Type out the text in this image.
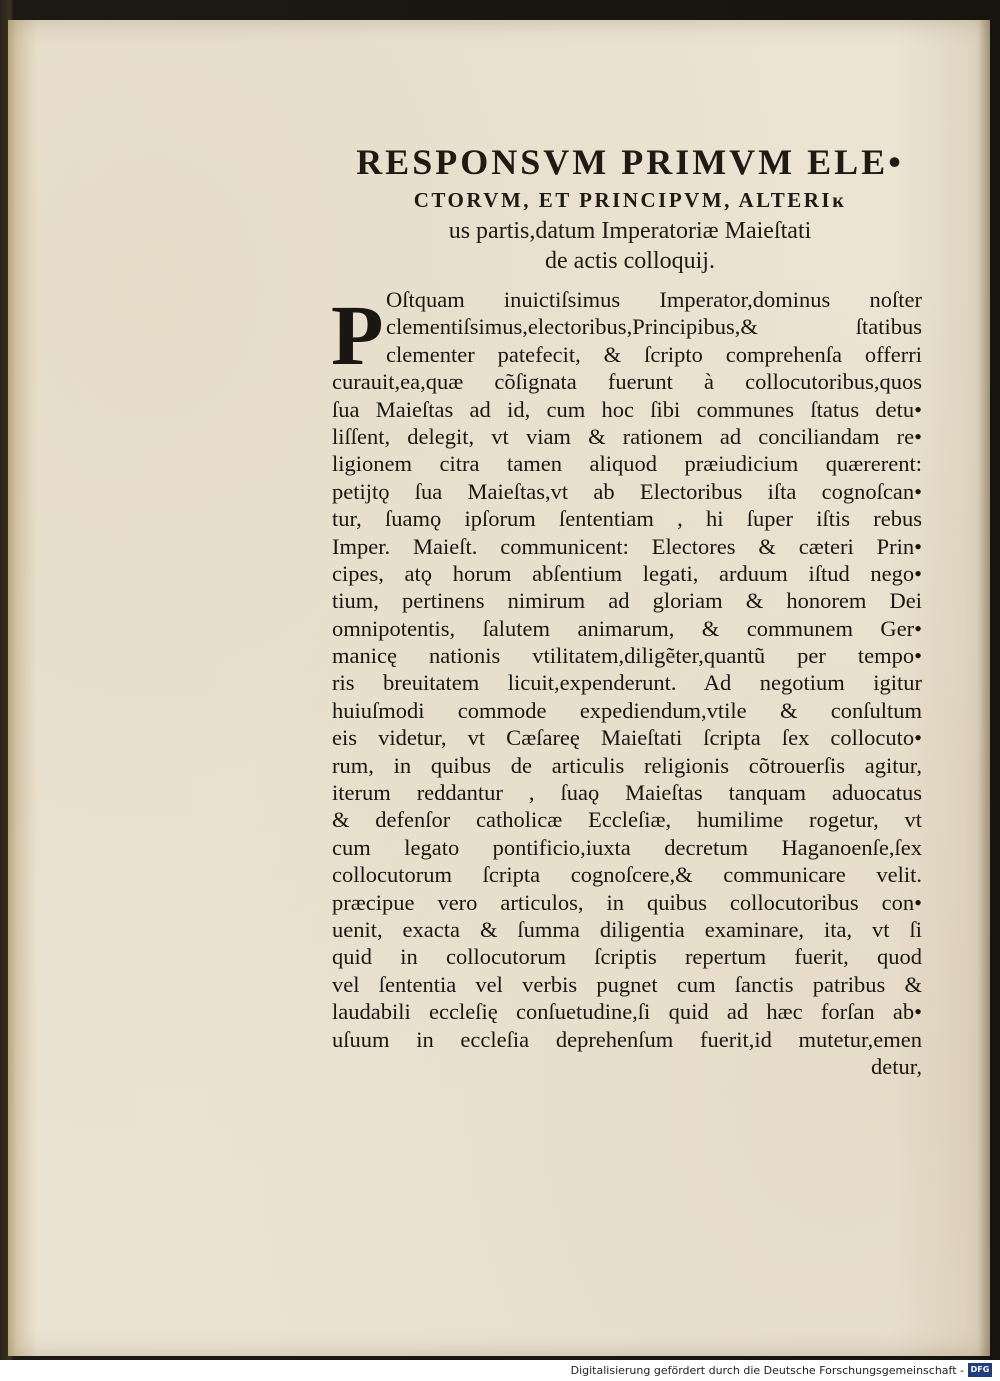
RESPONSVM PRIMVM ELE•
CTORVM, ET PRINCIPVM, ALTERIĸ
us partis,datum Imperatoriæ Maieſtati
de actis colloquij.
P Oſtquam inuictiſsimus Imperator,dominus noſter
clementiſsimus,electoribus,Principibus,& ſtatibus
clementer patefecit, & ſcripto comprehenſa offerri
curauit,ea,quæ cõſignata fuerunt à collocutoribus,quos
ſua Maieſtas ad id, cum hoc ſibi communes ſtatus detu•
liſſent, delegit, vt viam & rationem ad conciliandam re•
ligionem citra tamen aliquod præiudicium quærerent:
petijtǫ ſua Maieſtas,vt ab Electoribus iſta cognoſcan•
tur, ſuamǫ ipſorum ſententiam , hi ſuper iſtis rebus
Imper. Maieſt. communicent: Electores & cæteri Prin•
cipes, atǫ horum abſentium legati, arduum iſtud nego•
tium, pertinens nimirum ad gloriam & honorem Dei
omnipotentis, ſalutem animarum, & communem Ger•
manicę nationis vtilitatem,diligẽter,quantũ per tempo•
ris breuitatem licuit,expenderunt. Ad negotium igitur
huiuſmodi commode expediendum,vtile & conſultum
eis videtur, vt Cæſareę Maieſtati ſcripta ſex collocuto•
rum, in quibus de articulis religionis cõtrouerſis agitur,
iterum reddantur , ſuaǫ Maieſtas tanquam aduocatus
& defenſor catholicæ Eccleſiæ, humilime rogetur, vt
cum legato pontificio,iuxta decretum Haganoenſe,ſex
collocutorum ſcripta cognoſcere,& communicare velit.
præcipue vero articulos, in quibus collocutoribus con•
uenit, exacta & ſumma diligentia examinare, ita, vt ſi
quid in collocutorum ſcriptis repertum fuerit, quod
vel ſententia vel verbis pugnet cum ſanctis patribus &
laudabili eccleſię conſuetudine,ſi quid ad hæc forſan ab•
uſuum in eccleſia deprehenſum fuerit,id mutetur,emen
detur,
Digitalisierung gefördert durch die Deutsche Forschungsgemeinschaft - DFG
